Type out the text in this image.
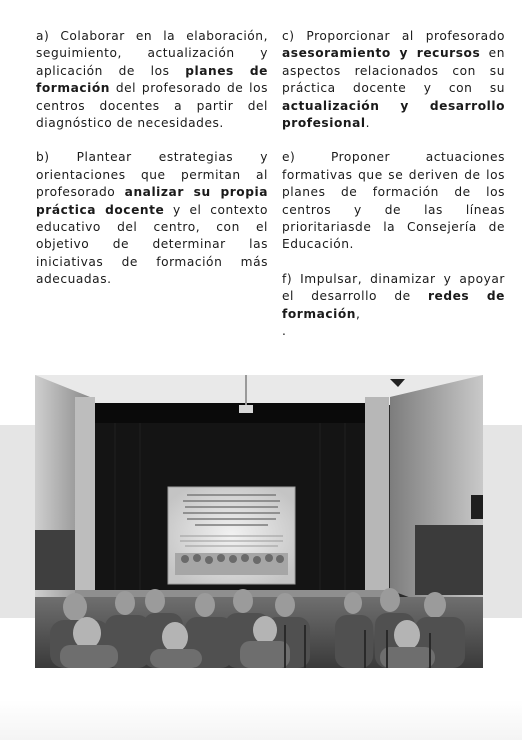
a) Colaborar en la elaboración, seguimiento, actualización y aplicación de los planes de formación del profesorado de los centros docentes a partir del diagnóstico de necesidades.

b) Plantear estrategias y orientaciones que permitan al profesorado analizar su propia práctica docente y el contexto educativo del centro, con el objetivo de determinar las iniciativas de formación más adecuadas.

c) Proporcionar al profesorado asesoramiento y recursos en aspectos relacionados con su práctica docente y con su actualización y desarrollo profesional.

e) Proponer actuaciones formativas que se deriven de los planes de formación de los centros y de las líneas prioritariasde la Consejería de Educación.

f) Impulsar, dinamizar y apoyar el desarrollo de redes de formación,
.
